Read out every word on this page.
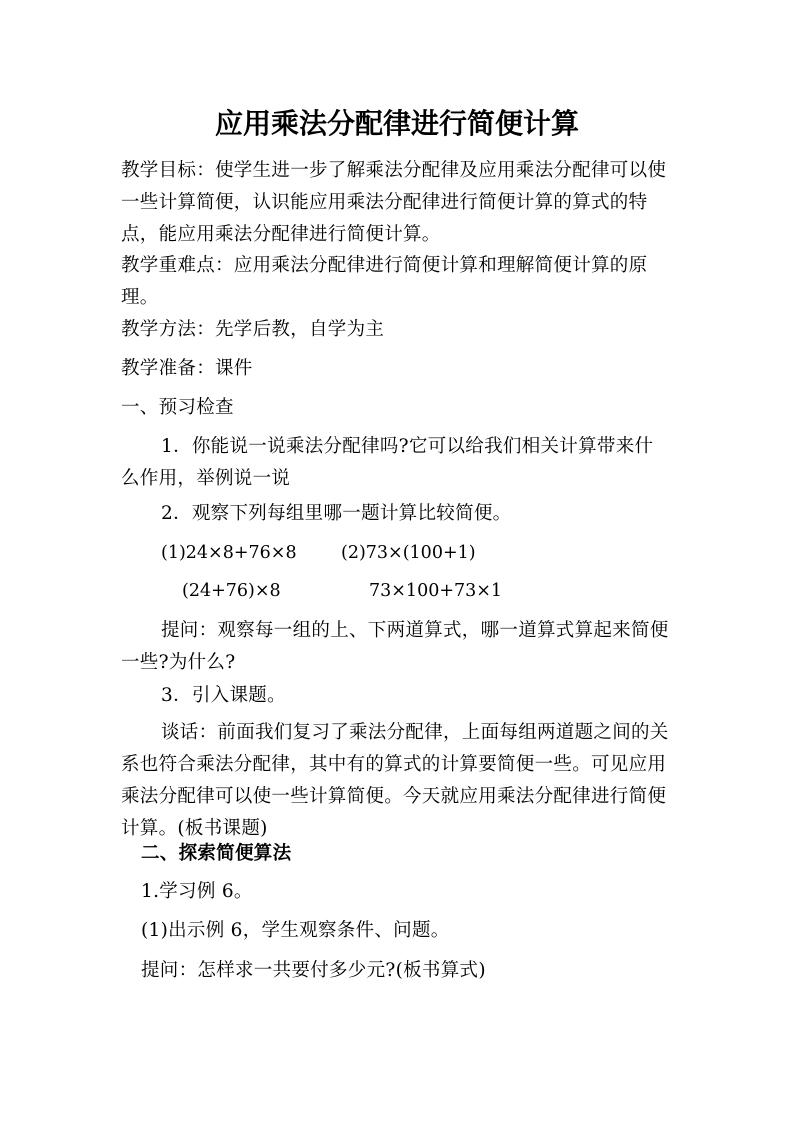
应用乘法分配律进行简便计算
教学目标：使学生进一步了解乘法分配律及应用乘法分配律可以使一些计算简便，认识能应用乘法分配律进行简便计算的算式的特点，能应用乘法分配律进行简便计算。
教学重难点：应用乘法分配律进行简便计算和理解简便计算的原理。
教学方法：先学后教，自学为主
教学准备：课件
一、预习检查
1．你能说一说乘法分配律吗?它可以给我们相关计算带来什么作用，举例说一说
2．观察下列每组里哪一题计算比较简便。
(1)24×8+76×8	(2)73×(100+1)
(24+76)×8	73×100+73×1
提问：观察每一组的上、下两道算式，哪一道算式算起来简便一些?为什么?
3．引入课题。
谈话：前面我们复习了乘法分配律，上面每组两道题之间的关系也符合乘法分配律，其中有的算式的计算要简便一些。可见应用乘法分配律可以使一些计算简便。今天就应用乘法分配律进行简便计算。(板书课题)
二、探索简便算法
1.学习例 6。
(1)出示例 6，学生观察条件、问题。
提问：怎样求一共要付多少元?(板书算式)
